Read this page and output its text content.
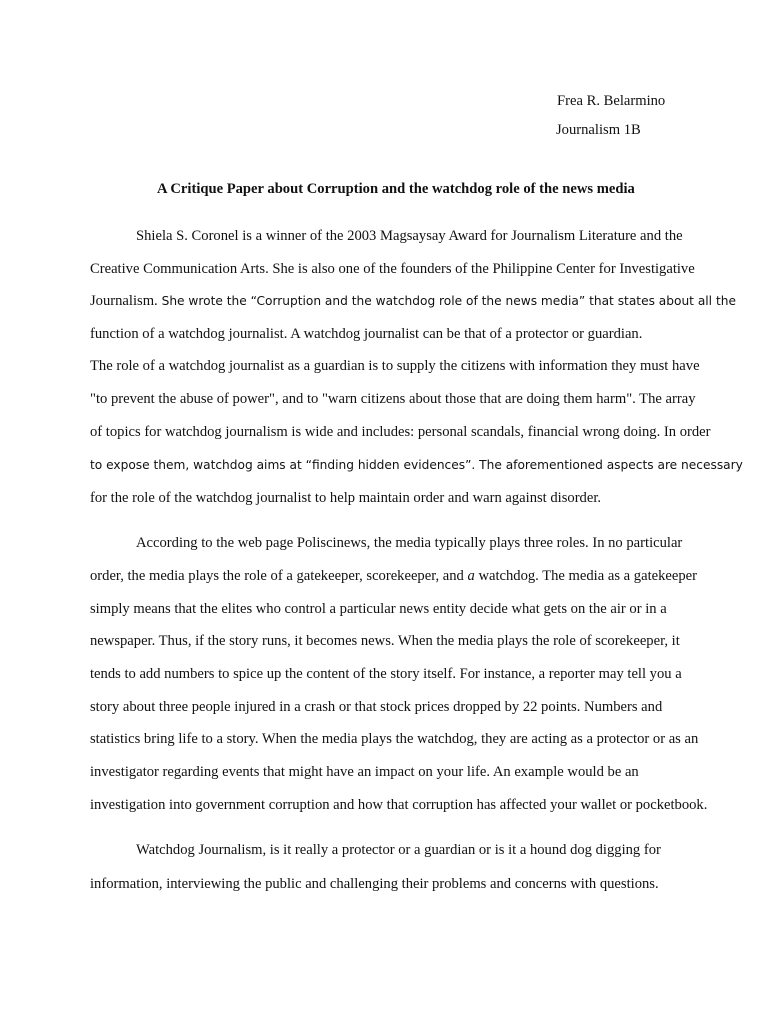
Frea R. Belarmino

Journalism 1B

A Critique Paper about Corruption and the watchdog role of the news media

Shiela S. Coronel is a winner of the 2003 Magsaysay Award for Journalism Literature and the

Creative Communication Arts. She is also one of the founders of the Philippine Center for Investigative

Journalism. She wrote the “Corruption and the watchdog role of the news media” that states about all the

function of a watchdog journalist. A watchdog journalist can be that of a protector or guardian.

The role of a watchdog journalist as a guardian is to supply the citizens with information they must have

"to prevent the abuse of power", and to "warn citizens about those that are doing them harm". The array

of topics for watchdog journalism is wide and includes: personal scandals, financial wrong doing. In order

to expose them, watchdog aims at “finding hidden evidences”. The aforementioned aspects are necessary

for the role of the watchdog journalist to help maintain order and warn against disorder.

According to the web page Poliscinews, the media typically plays three roles. In no particular

order, the media plays the role of a gatekeeper, scorekeeper, and a watchdog. The media as a gatekeeper

simply means that the elites who control a particular news entity decide what gets on the air or in a

newspaper. Thus, if the story runs, it becomes news. When the media plays the role of scorekeeper, it

tends to add numbers to spice up the content of the story itself. For instance, a reporter may tell you a

story about three people injured in a crash or that stock prices dropped by 22 points. Numbers and

statistics bring life to a story. When the media plays the watchdog, they are acting as a protector or as an

investigator regarding events that might have an impact on your life. An example would be an

investigation into government corruption and how that corruption has affected your wallet or pocketbook.

Watchdog Journalism, is it really a protector or a guardian or is it a hound dog digging for

information, interviewing the public and challenging their problems and concerns with questions.
